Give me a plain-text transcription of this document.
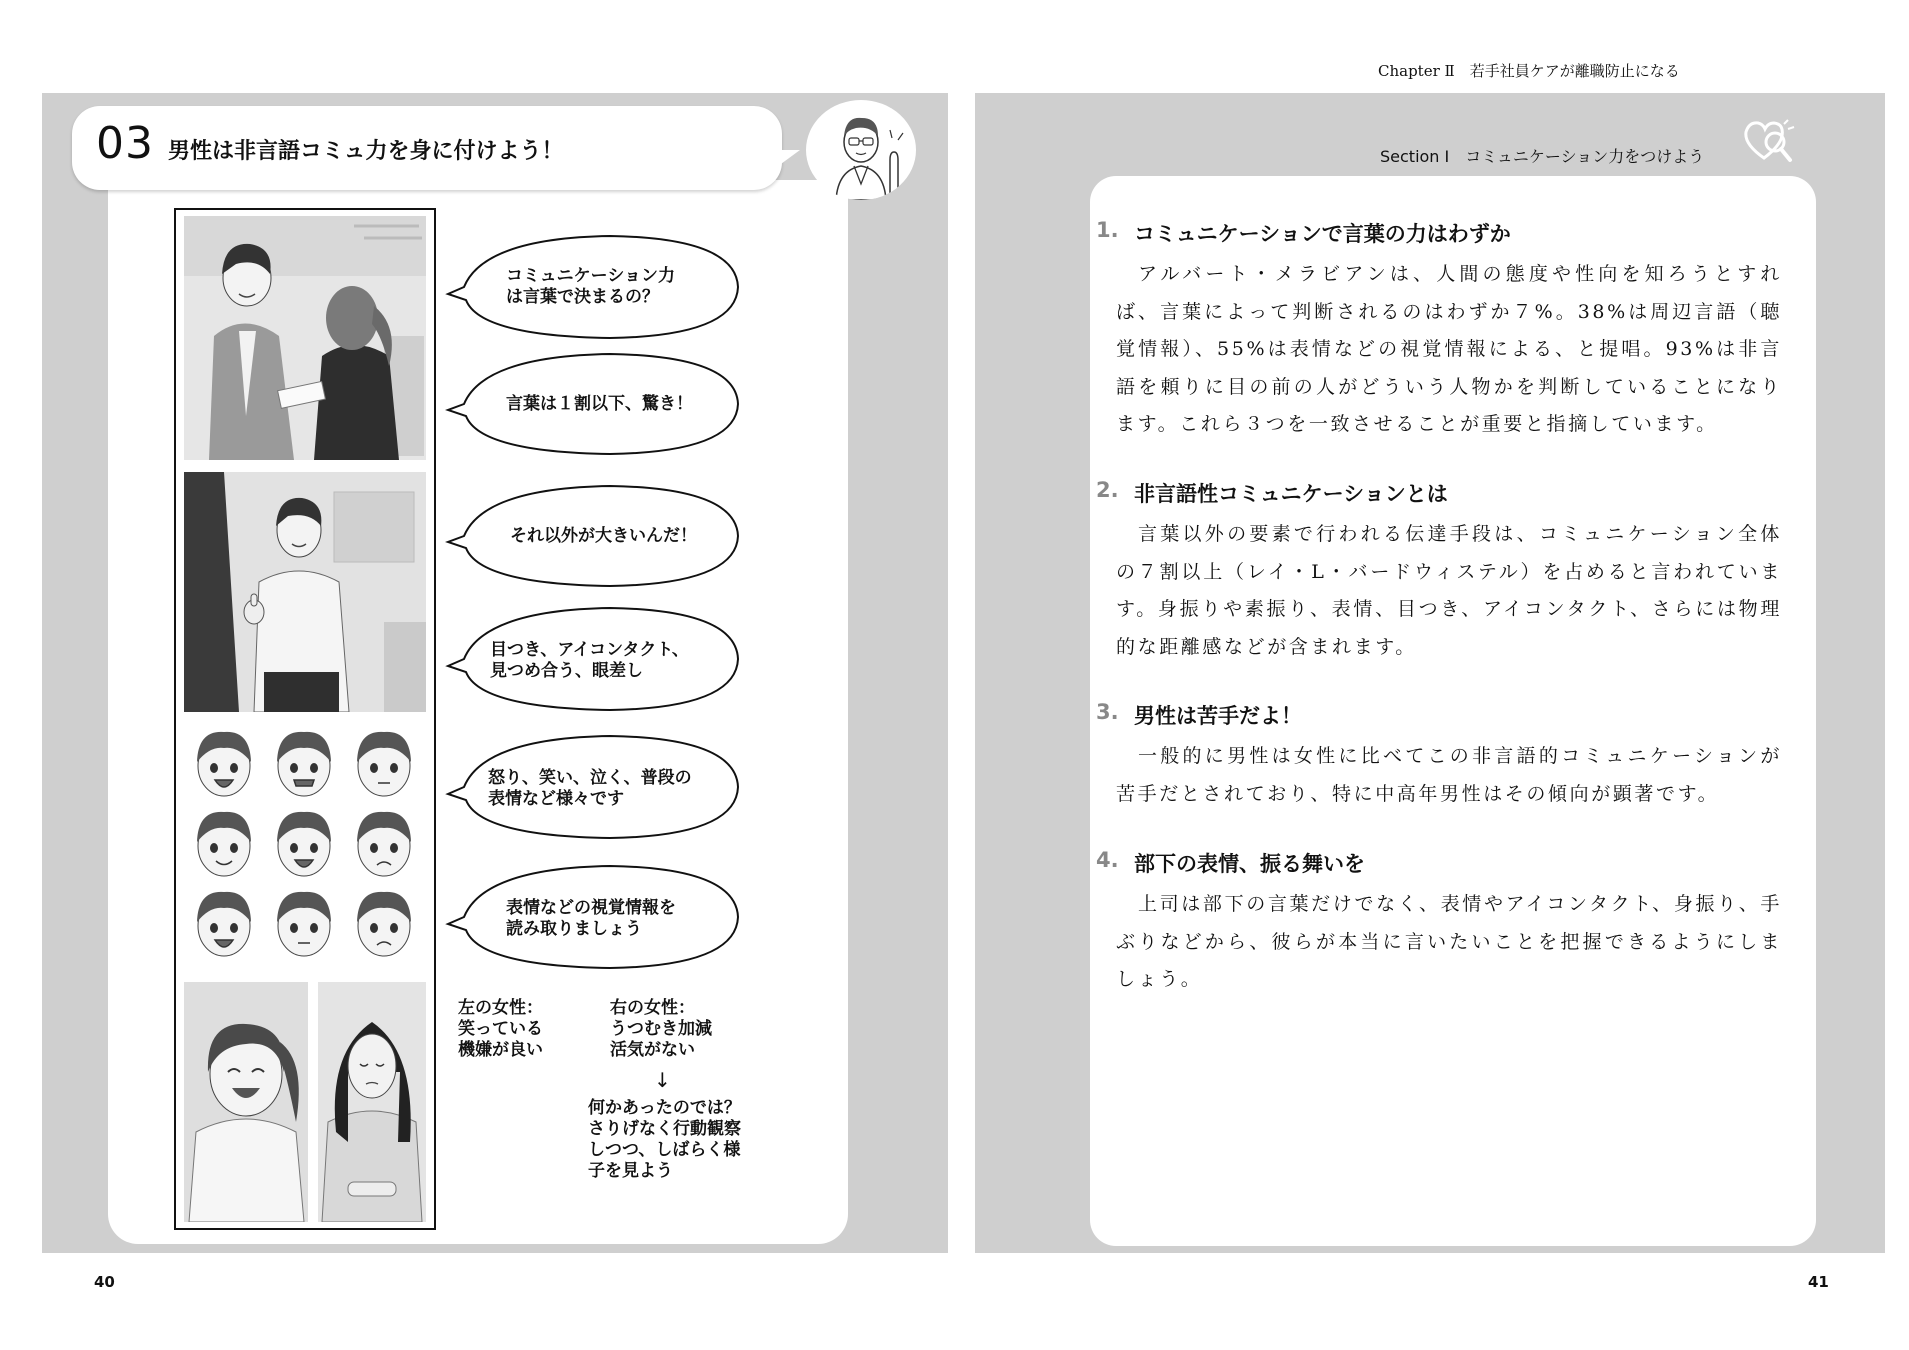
Chapter Ⅱ　若手社員ケアが離職防止になる
03 男性は非言語コミュ力を身に付けよう！
コミュニケーション力
は言葉で決まるの？
言葉は１割以下、驚き！
それ以外が大きいんだ！
目つき、アイコンタクト、
見つめ合う、眼差し
怒り、笑い、泣く、普段の
表情など様々です
表情などの視覚情報を
読み取りましょう
左の女性：
笑っている
機嫌が良い
右の女性：
うつむき加減
活気がない
↓
何かあったのでは？
さりげなく行動観察
しつつ、しばらく様
子を見よう
40
Section Ⅰ　コミュニケーション力をつけよう
1. コミュニケーションで言葉の力はわずか
アルバート・メラビアンは、人間の態度や性向を知ろうとすれば、言葉によって判断されるのはわずか７%。38%は周辺言語（聴覚情報）、55%は表情などの視覚情報による、と提唱。93%は非言語を頼りに目の前の人がどういう人物かを判断していることになります。これら３つを一致させることが重要と指摘しています。
2. 非言語性コミュニケーションとは
言葉以外の要素で行われる伝達手段は、コミュニケーション全体の７割以上（レイ・L・バードウィステル）を占めると言われています。身振りや素振り、表情、目つき、アイコンタクト、さらには物理的な距離感などが含まれます。
3. 男性は苦手だよ！
一般的に男性は女性に比べてこの非言語的コミュニケーションが苦手だとされており、特に中高年男性はその傾向が顕著です。
4. 部下の表情、振る舞いを
上司は部下の言葉だけでなく、表情やアイコンタクト、身振り、手ぶりなどから、彼らが本当に言いたいことを把握できるようにしましょう。
41
